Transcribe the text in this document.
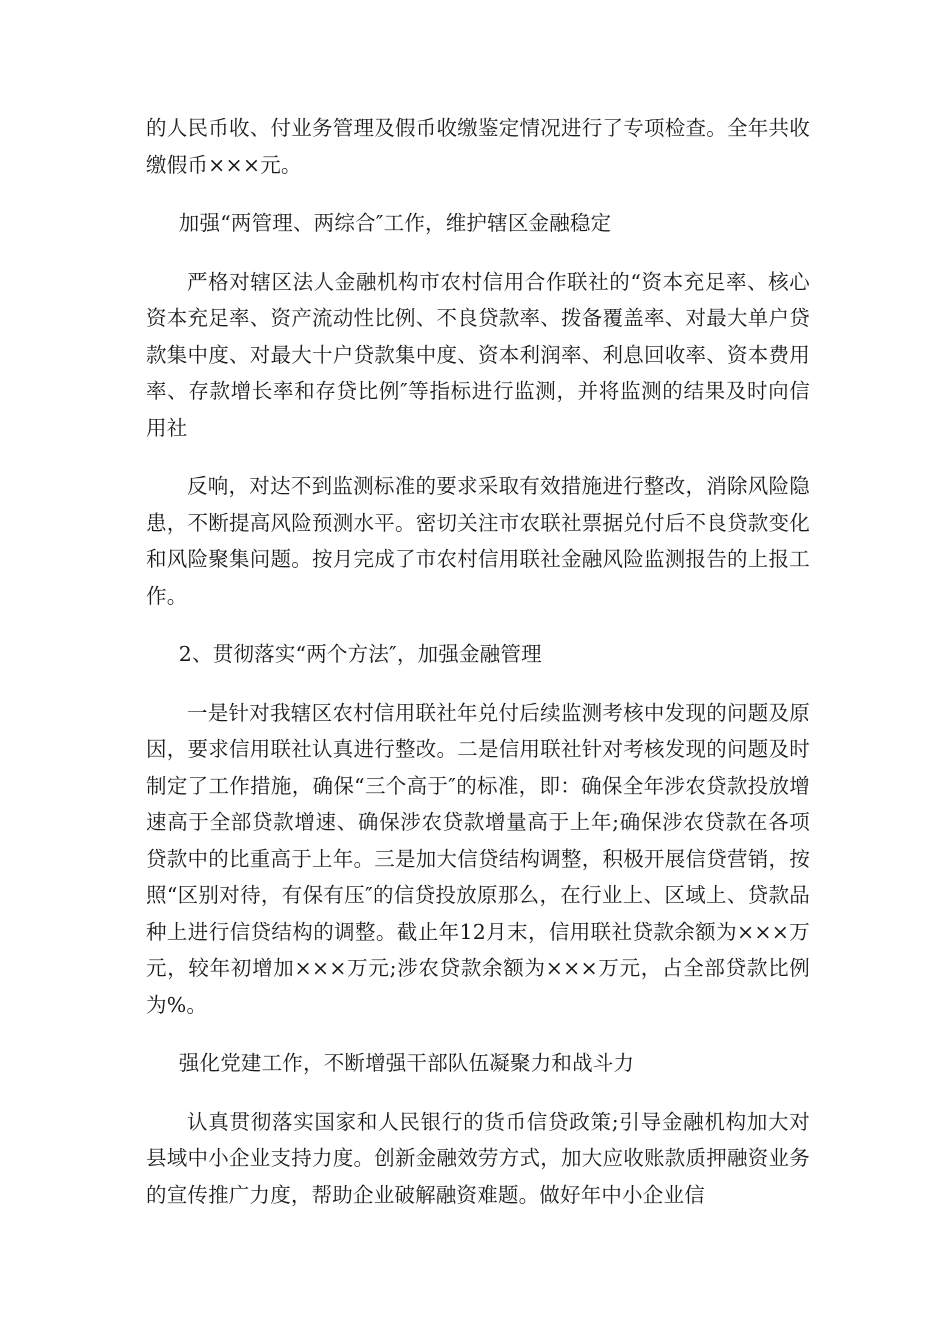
的人民币收、付业务管理及假币收缴鉴定情况进行了专项检查。全年共收缴假币×××元。

加强“两管理、两综合″工作，维护辖区金融稳定

严格对辖区法人金融机构市农村信用合作联社的“资本充足率、核心资本充足率、资产流动性比例、不良贷款率、拨备覆盖率、对最大单户贷款集中度、对最大十户贷款集中度、资本利润率、利息回收率、资本费用率、存款增长率和存贷比例″等指标进行监测，并将监测的结果及时向信用社

反响，对达不到监测标准的要求采取有效措施进行整改，消除风险隐患，不断提高风险预测水平。密切关注市农联社票据兑付后不良贷款变化和风险聚集问题。按月完成了市农村信用联社金融风险监测报告的上报工作。

2、贯彻落实“两个方法″，加强金融管理

一是针对我辖区农村信用联社年兑付后续监测考核中发现的问题及原因，要求信用联社认真进行整改。二是信用联社针对考核发现的问题及时制定了工作措施，确保“三个高于″的标准，即：确保全年涉农贷款投放增速高于全部贷款增速、确保涉农贷款增量高于上年;确保涉农贷款在各项贷款中的比重高于上年。三是加大信贷结构调整，积极开展信贷营销，按照“区别对待，有保有压″的信贷投放原那么，在行业上、区域上、贷款品种上进行信贷结构的调整。截止年12月末，信用联社贷款余额为×××万元，较年初增加×××万元;涉农贷款余额为×××万元，占全部贷款比例为%。

强化党建工作，不断增强干部队伍凝聚力和战斗力

认真贯彻落实国家和人民银行的货币信贷政策;引导金融机构加大对县域中小企业支持力度。创新金融效劳方式，加大应收账款质押融资业务的宣传推广力度，帮助企业破解融资难题。做好年中小企业信
